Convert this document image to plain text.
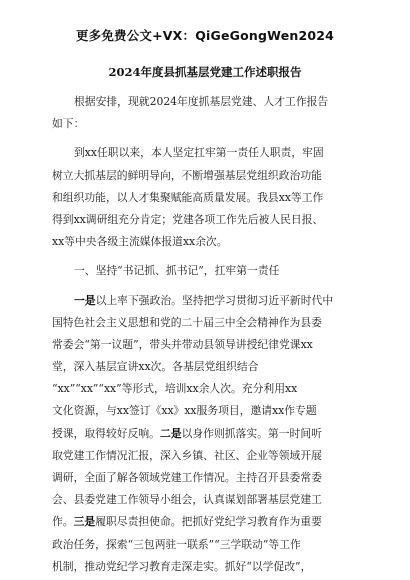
更多免费公文+VX：QiGeGongWen2024
2024年度县抓基层党建工作述职报告
根据安排，现就2024年度抓基层党建、人才工作报告
如下：
到xx任职以来，本人坚定扛牢第一责任人职责，牢固
树立大抓基层的鲜明导向，不断增强基层党组织政治功能
和组织功能，以人才集聚赋能高质量发展。我县xx等工作
得到xx调研组充分肯定；党建各项工作先后被人民日报、
xx等中央各级主流媒体报道xx余次。
一、坚持“书记抓、抓书记”，扛牢第一责任
一是以上率下强政治。坚持把学习贯彻习近平新时代中
国特色社会主义思想和党的二十届三中全会精神作为县委
常委会“第一议题”，带头并带动县领导讲授纪律党课xx
堂，深入基层宣讲xx次。各基层党组织结合
“xx”“xx”“xx”等形式，培训xx余人次。充分利用xx
文化资源，与xx签订《xx》xx服务项目，邀请xx作专题
授课，取得较好反响。二是以身作则抓落实。第一时间听
取党建工作情况汇报，深入乡镇、社区、企业等领域开展
调研，全面了解各领域党建工作情况。主持召开县委常委
会、县委党建工作领导小组会，认真谋划部署基层党建工
作。三是履职尽责担使命。把抓好党纪学习教育作为重要
政治任务，探索“三包两驻一联系”“三学联动”等工作
机制，推动党纪学习教育走深走实。抓好“以学促改”，
